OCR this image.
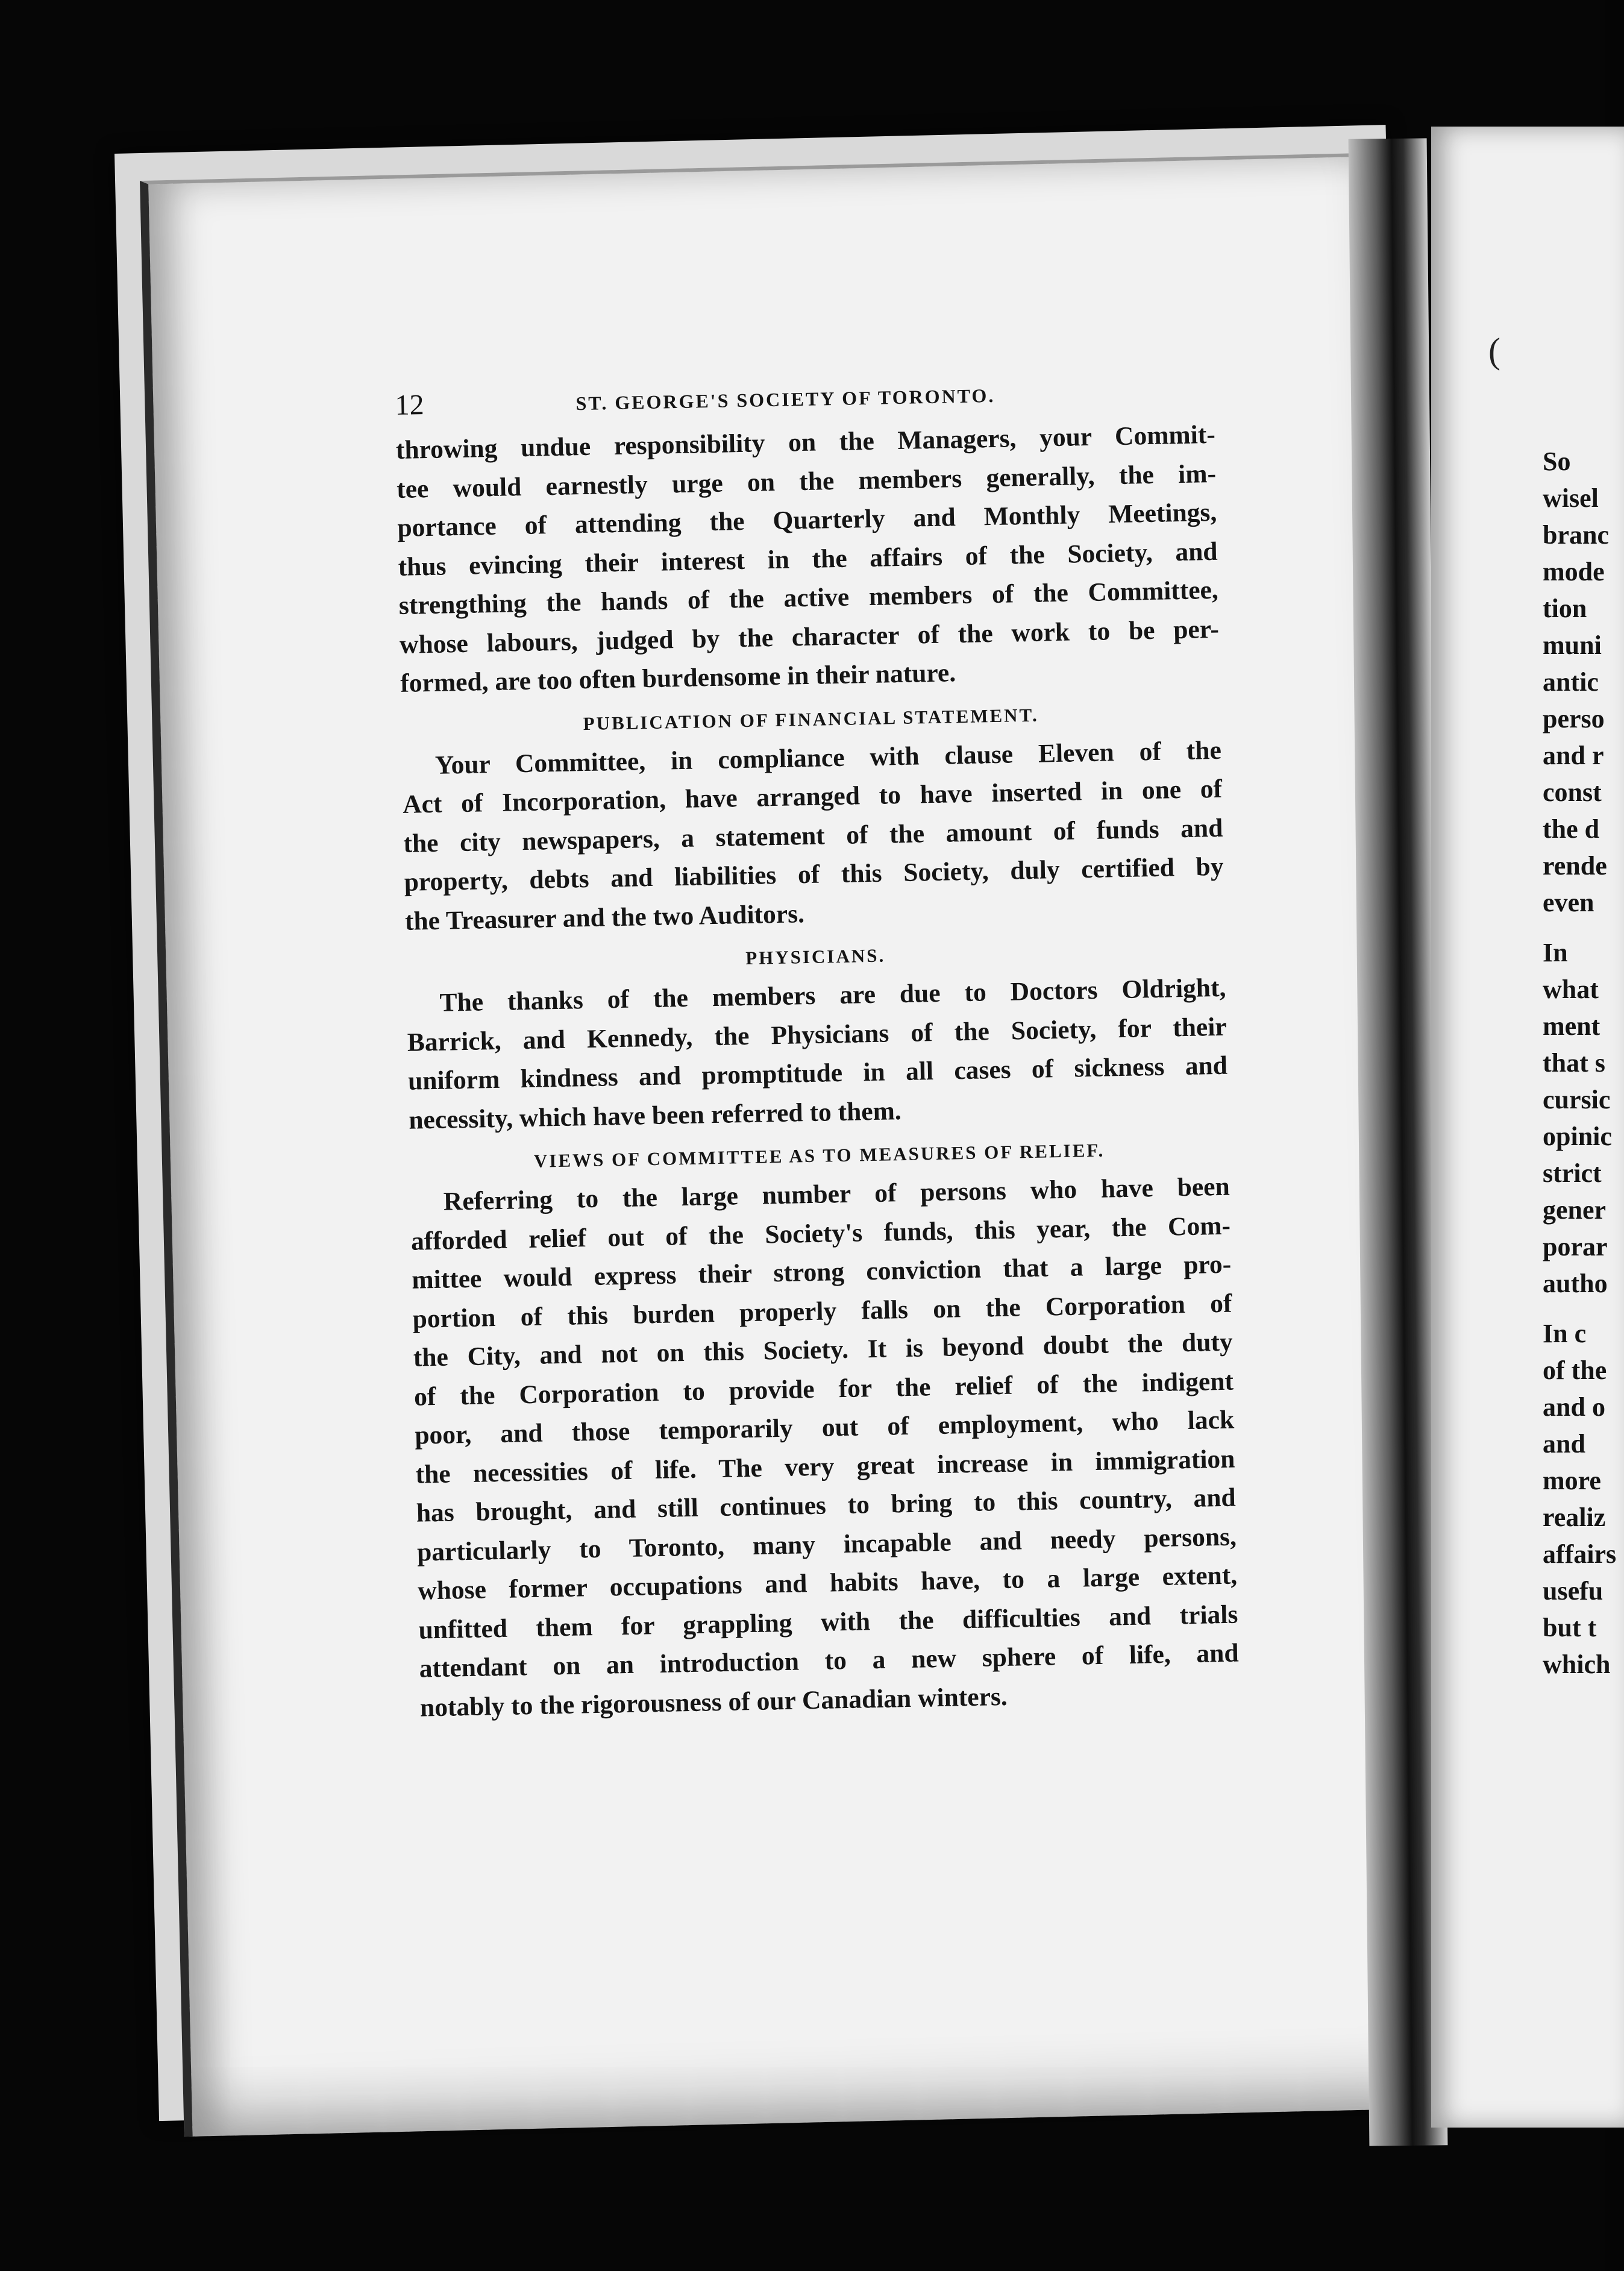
(
So
wisel
branc
mode
tion
muni
antic
perso
and r
const
the d
rende
even
In
what
ment
that s
cursic
opinic
strict
gener
porar
autho
In c
of the
and o
and
more
realiz
affairs
usefu
but t
which
12	ST. GEORGE'S SOCIETY OF TORONTO.
throwing undue responsibility on the Managers, your Commit-
tee would earnestly urge on the members generally, the im-
portance of attending the Quarterly and Monthly Meetings,
thus evincing their interest in the affairs of the Society, and
strengthing the hands of the active members of the Committee,
whose labours, judged by the character of the work to be per-
formed, are too often burdensome in their nature.
PUBLICATION OF FINANCIAL STATEMENT.
Your Committee, in compliance with clause Eleven of the
Act of Incorporation, have arranged to have inserted in one of
the city newspapers, a statement of the amount of funds and
property, debts and liabilities of this Society, duly certified by
the Treasurer and the two Auditors.
PHYSICIANS.
The thanks of the members are due to Doctors Oldright,
Barrick, and Kennedy, the Physicians of the Society, for their
uniform kindness and promptitude in all cases of sickness and
necessity, which have been referred to them.
VIEWS OF COMMITTEE AS TO MEASURES OF RELIEF.
Referring to the large number of persons who have been
afforded relief out of the Society's funds, this year, the Com-
mittee would express their strong conviction that a large pro-
portion of this burden properly falls on the Corporation of
the City, and not on this Society. It is beyond doubt the duty
of the Corporation to provide for the relief of the indigent
poor, and those temporarily out of employment, who lack
the necessities of life. The very great increase in immigration
has brought, and still continues to bring to this country, and
particularly to Toronto, many incapable and needy persons,
whose former occupations and habits have, to a large extent,
unfitted them for grappling with the difficulties and trials
attendant on an introduction to a new sphere of life, and
notably to the rigorousness of our Canadian winters.
